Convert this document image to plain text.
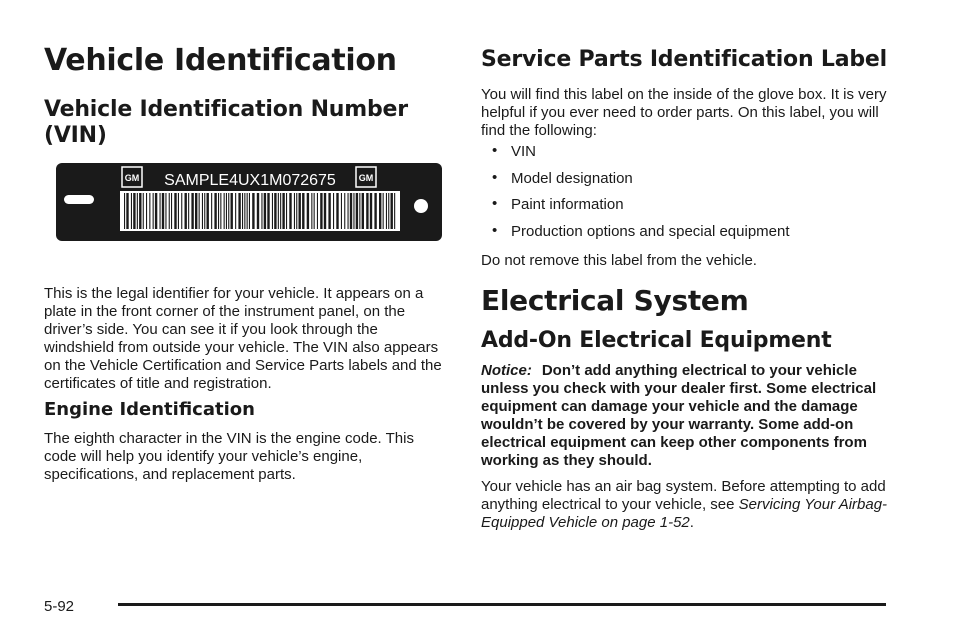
Vehicle Identification
Vehicle Identification Number (VIN)
GM	GM
SAMPLE4UX1M072675

This is the legal identifier for your vehicle. It appears on a plate in the front corner of the instrument panel, on the driver’s side. You can see it if you look through the windshield from outside your vehicle. The VIN also appears on the Vehicle Certification and Service Parts labels and the certificates of title and registration.

Engine Identification

The eighth character in the VIN is the engine code. This code will help you identify your vehicle’s engine, specifications, and replacement parts.

Service Parts Identification Label

You will find this label on the inside of the glove box. It is very helpful if you ever need to order parts. On this label, you will find the following:

• VIN
• Model designation
• Paint information
• Production options and special equipment

Do not remove this label from the vehicle.

Electrical System
Add-On Electrical Equipment

Notice: Don’t add anything electrical to your vehicle unless you check with your dealer first. Some electrical equipment can damage your vehicle and the damage wouldn’t be covered by your warranty. Some add-on electrical equipment can keep other components from working as they should.

Your vehicle has an air bag system. Before attempting to add anything electrical to your vehicle, see Servicing Your Airbag-Equipped Vehicle on page 1-52.

5-92
